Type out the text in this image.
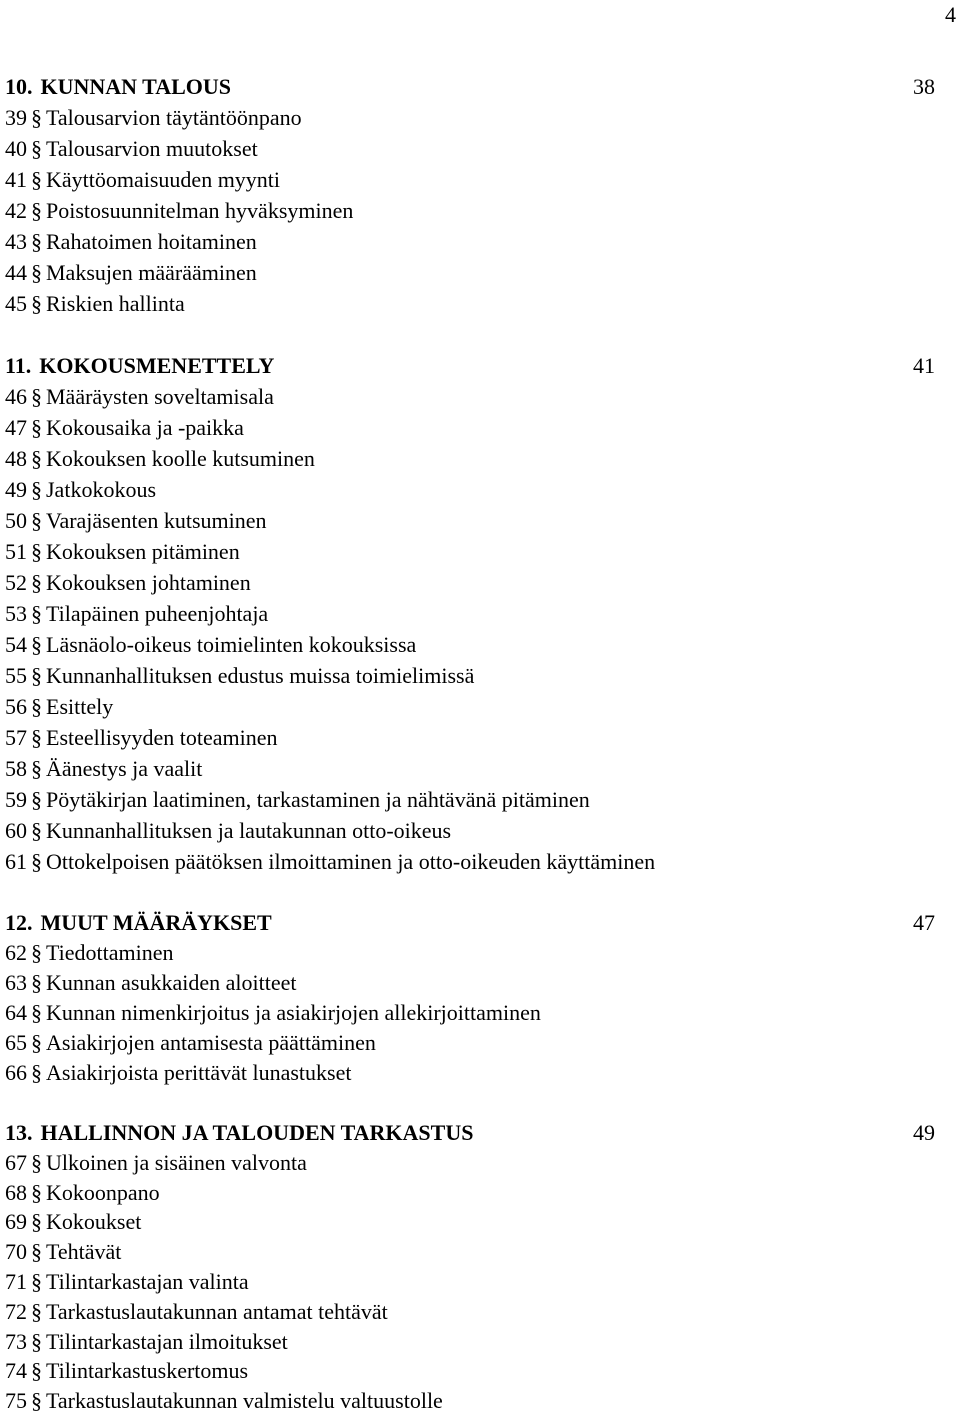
4
10. KUNNAN TALOUS	38
39 § Talousarvion täytäntöönpano
40 § Talousarvion muutokset
41 § Käyttöomaisuuden myynti
42 § Poistosuunnitelman hyväksyminen
43 § Rahatoimen hoitaminen
44 § Maksujen määrääminen
45 § Riskien hallinta
11. KOKOUSMENETTELY	41
46 § Määräysten soveltamisala
47 § Kokousaika ja -paikka
48 § Kokouksen koolle kutsuminen
49 § Jatkokokous
50 § Varajäsenten kutsuminen
51 § Kokouksen pitäminen
52 § Kokouksen johtaminen
53 § Tilapäinen puheenjohtaja
54 § Läsnäolo-oikeus toimielinten kokouksissa
55 § Kunnanhallituksen edustus muissa toimielimissä
56 § Esittely
57 § Esteellisyyden toteaminen
58 § Äänestys ja vaalit
59 § Pöytäkirjan laatiminen, tarkastaminen ja nähtävänä pitäminen
60 § Kunnanhallituksen ja lautakunnan otto-oikeus
61 § Ottokelpoisen päätöksen ilmoittaminen ja otto-oikeuden käyttäminen
12. MUUT MÄÄRÄYKSET	47
62 § Tiedottaminen
63 § Kunnan asukkaiden aloitteet
64 § Kunnan nimenkirjoitus ja asiakirjojen allekirjoittaminen
65 § Asiakirjojen antamisesta päättäminen
66 § Asiakirjoista perittävät lunastukset
13. HALLINNON JA TALOUDEN TARKASTUS	49
67 § Ulkoinen ja sisäinen valvonta
68 § Kokoonpano
69 § Kokoukset
70 § Tehtävät
71 § Tilintarkastajan valinta
72 § Tarkastuslautakunnan antamat tehtävät
73 § Tilintarkastajan ilmoitukset
74 § Tilintarkastuskertomus
75 § Tarkastuslautakunnan valmistelu valtuustolle
